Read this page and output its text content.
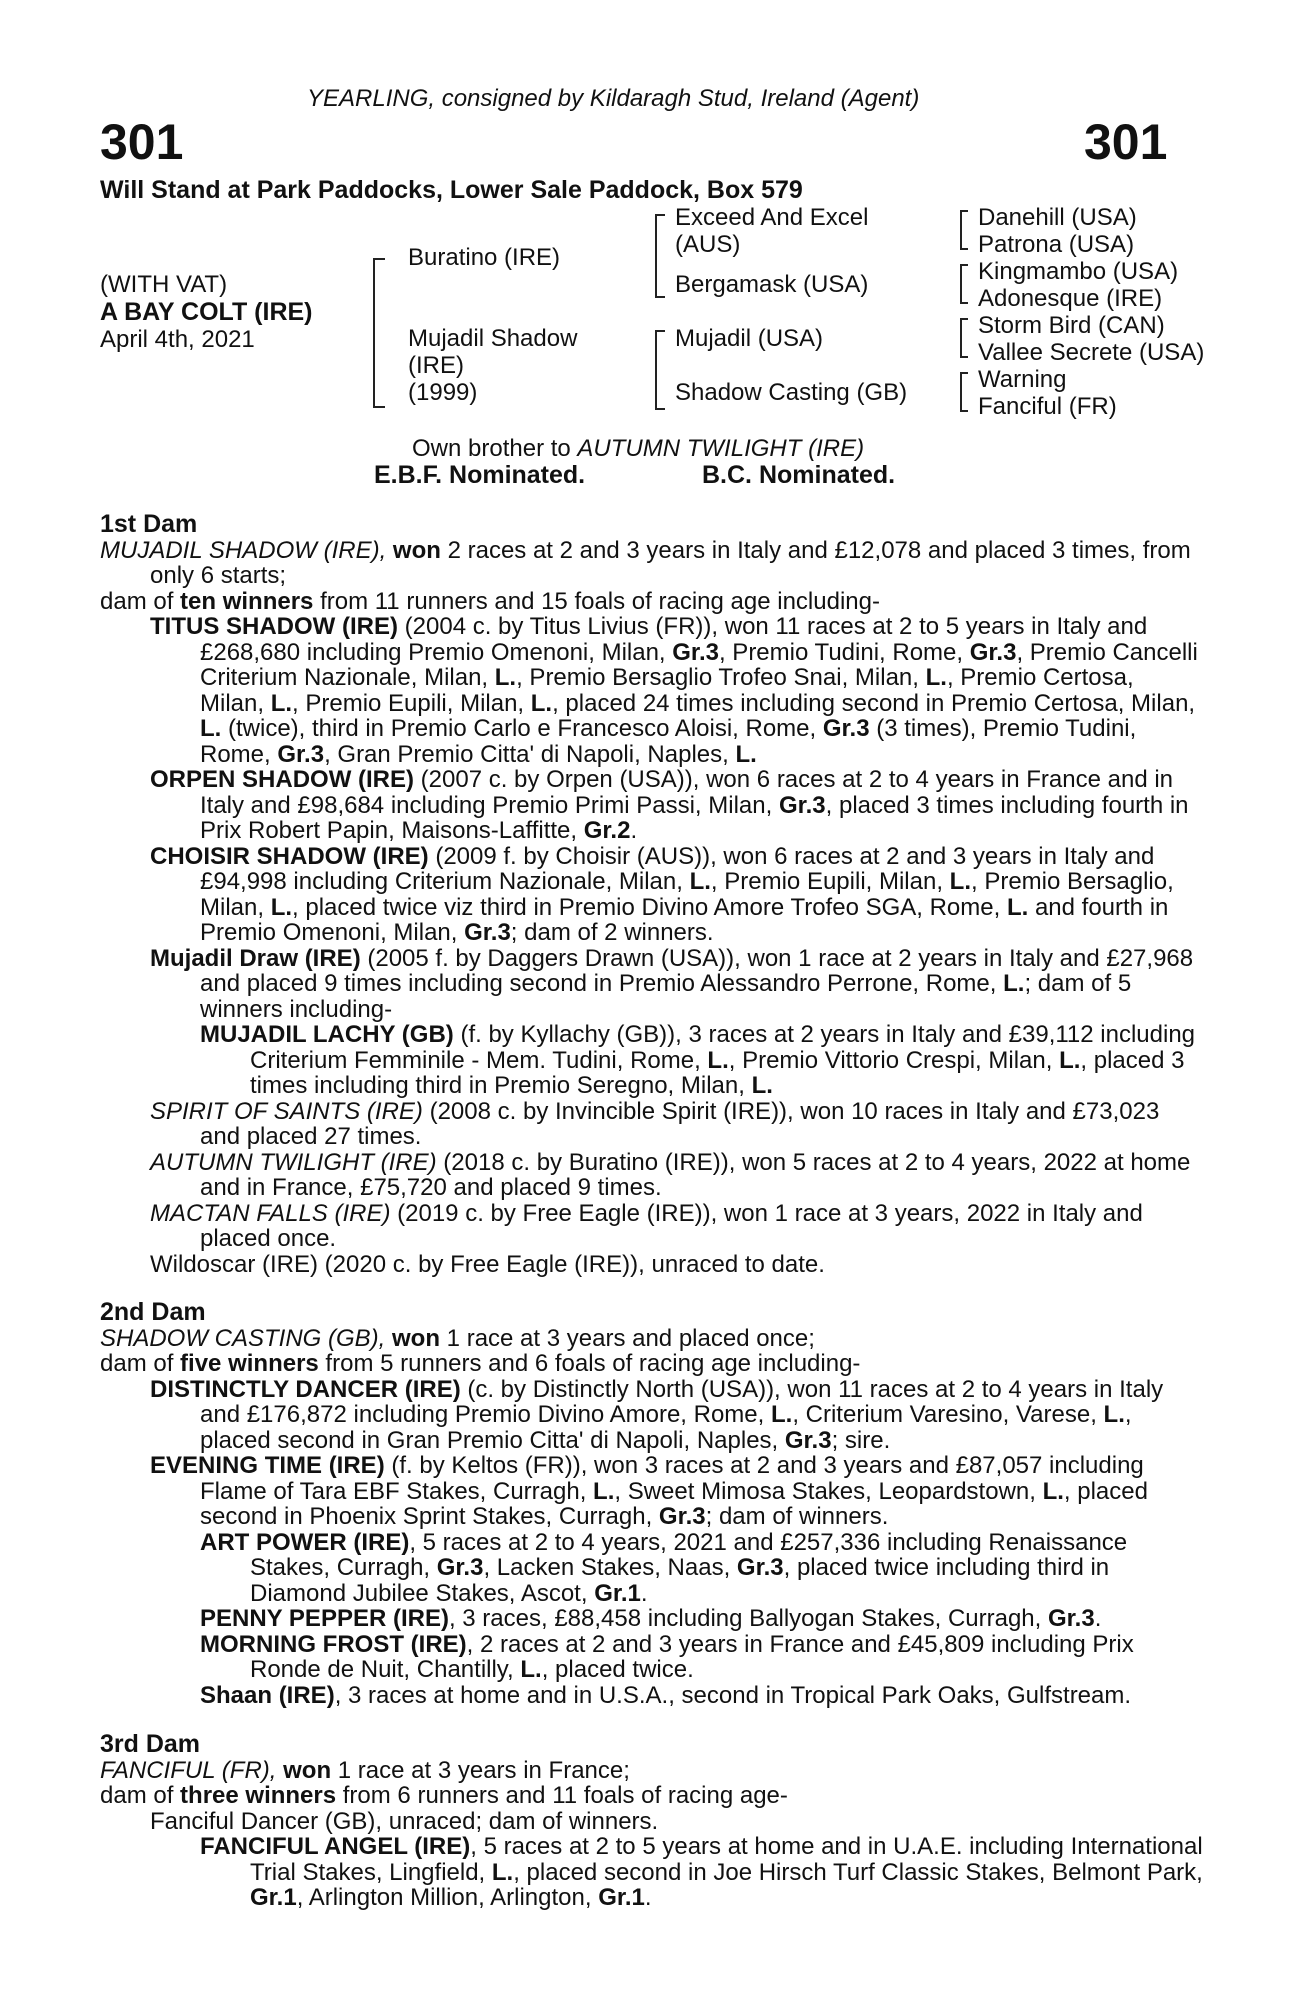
YEARLING, consigned by Kildaragh Stud, Ireland (Agent)
301	301
Will Stand at Park Paddocks, Lower Sale Paddock, Box 579
(WITH VAT)
A BAY COLT (IRE)
April 4th, 2021
Buratino (IRE)
Mujadil Shadow
(IRE)
(1999)
Exceed And Excel
(AUS)
Bergamask (USA)
Mujadil (USA)
Shadow Casting (GB)
Danehill (USA)
Patrona (USA)
Kingmambo (USA)
Adonesque (IRE)
Storm Bird (CAN)
Vallee Secrete (USA)
Warning
Fanciful (FR)
Own brother to AUTUMN TWILIGHT (IRE)
E.B.F. Nominated.	B.C. Nominated.

1st Dam

MUJADIL SHADOW (IRE), won 2 races at 2 and 3 years in Italy and £12,078 and placed 3 times, from only 6 starts;

dam of ten winners from 11 runners and 15 foals of racing age including-

TITUS SHADOW (IRE) (2004 c. by Titus Livius (FR)), won 11 races at 2 to 5 years in Italy and £268,680 including Premio Omenoni, Milan, Gr.3, Premio Tudini, Rome, Gr.3, Premio Cancelli Criterium Nazionale, Milan, L., Premio Bersaglio Trofeo Snai, Milan, L., Premio Certosa, Milan, L., Premio Eupili, Milan, L., placed 24 times including second in Premio Certosa, Milan, L. (twice), third in Premio Carlo e Francesco Aloisi, Rome, Gr.3 (3 times), Premio Tudini, Rome, Gr.3, Gran Premio Citta' di Napoli, Naples, L.

ORPEN SHADOW (IRE) (2007 c. by Orpen (USA)), won 6 races at 2 to 4 years in France and in Italy and £98,684 including Premio Primi Passi, Milan, Gr.3, placed 3 times including fourth in Prix Robert Papin, Maisons-Laffitte, Gr.2.

CHOISIR SHADOW (IRE) (2009 f. by Choisir (AUS)), won 6 races at 2 and 3 years in Italy and £94,998 including Criterium Nazionale, Milan, L., Premio Eupili, Milan, L., Premio Bersaglio, Milan, L., placed twice viz third in Premio Divino Amore Trofeo SGA, Rome, L. and fourth in Premio Omenoni, Milan, Gr.3; dam of 2 winners.

Mujadil Draw (IRE) (2005 f. by Daggers Drawn (USA)), won 1 race at 2 years in Italy and £27,968 and placed 9 times including second in Premio Alessandro Perrone, Rome, L.; dam of 5 winners including-

MUJADIL LACHY (GB) (f. by Kyllachy (GB)), 3 races at 2 years in Italy and £39,112 including Criterium Femminile - Mem. Tudini, Rome, L., Premio Vittorio Crespi, Milan, L., placed 3 times including third in Premio Seregno, Milan, L.

SPIRIT OF SAINTS (IRE) (2008 c. by Invincible Spirit (IRE)), won 10 races in Italy and £73,023 and placed 27 times.

AUTUMN TWILIGHT (IRE) (2018 c. by Buratino (IRE)), won 5 races at 2 to 4 years, 2022 at home and in France, £75,720 and placed 9 times.

MACTAN FALLS (IRE) (2019 c. by Free Eagle (IRE)), won 1 race at 3 years, 2022 in Italy and placed once.

Wildoscar (IRE) (2020 c. by Free Eagle (IRE)), unraced to date.

2nd Dam

SHADOW CASTING (GB), won 1 race at 3 years and placed once;

dam of five winners from 5 runners and 6 foals of racing age including-

DISTINCTLY DANCER (IRE) (c. by Distinctly North (USA)), won 11 races at 2 to 4 years in Italy and £176,872 including Premio Divino Amore, Rome, L., Criterium Varesino, Varese, L., placed second in Gran Premio Citta' di Napoli, Naples, Gr.3; sire.

EVENING TIME (IRE) (f. by Keltos (FR)), won 3 races at 2 and 3 years and £87,057 including Flame of Tara EBF Stakes, Curragh, L., Sweet Mimosa Stakes, Leopardstown, L., placed second in Phoenix Sprint Stakes, Curragh, Gr.3; dam of winners.

ART POWER (IRE), 5 races at 2 to 4 years, 2021 and £257,336 including Renaissance Stakes, Curragh, Gr.3, Lacken Stakes, Naas, Gr.3, placed twice including third in Diamond Jubilee Stakes, Ascot, Gr.1.

PENNY PEPPER (IRE), 3 races, £88,458 including Ballyogan Stakes, Curragh, Gr.3.

MORNING FROST (IRE), 2 races at 2 and 3 years in France and £45,809 including Prix Ronde de Nuit, Chantilly, L., placed twice.

Shaan (IRE), 3 races at home and in U.S.A., second in Tropical Park Oaks, Gulfstream.

3rd Dam

FANCIFUL (FR), won 1 race at 3 years in France;

dam of three winners from 6 runners and 11 foals of racing age-

Fanciful Dancer (GB), unraced; dam of winners.

FANCIFUL ANGEL (IRE), 5 races at 2 to 5 years at home and in U.A.E. including International Trial Stakes, Lingfield, L., placed second in Joe Hirsch Turf Classic Stakes, Belmont Park, Gr.1, Arlington Million, Arlington, Gr.1.
